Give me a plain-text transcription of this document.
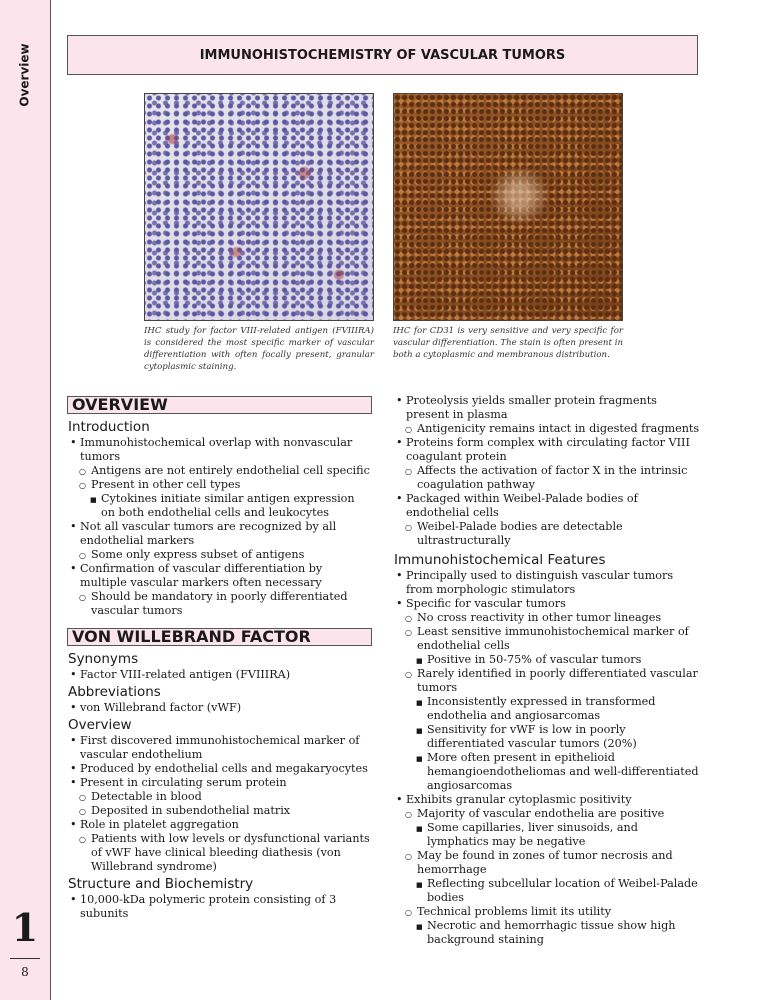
Overview
1
8
IMMUNOHISTOCHEMISTRY OF VASCULAR TUMORS
IHC study for factor VIII-related antigen (FVIIIRA) is considered the most specific marker of vascular differentiation with often focally present, granular cytoplasmic staining.
IHC for CD31 is very sensitive and very specific for vascular differentiation. The stain is often present in both a cytoplasmic and membranous distribution.
OVERVIEW
Introduction
• Immunohistochemical overlap with nonvascular tumors
○ Antigens are not entirely endothelial cell specific
○ Present in other cell types
■ Cytokines initiate similar antigen expression on both endothelial cells and leukocytes
• Not all vascular tumors are recognized by all endothelial markers
○ Some only express subset of antigens
• Confirmation of vascular differentiation by multiple vascular markers often necessary
○ Should be mandatory in poorly differentiated vascular tumors
VON WILLEBRAND FACTOR
Synonyms
• Factor VIII-related antigen (FVIIIRA)
Abbreviations
• von Willebrand factor (vWF)
Overview
• First discovered immunohistochemical marker of vascular endothelium
• Produced by endothelial cells and megakaryocytes
• Present in circulating serum protein
○ Detectable in blood
○ Deposited in subendothelial matrix
• Role in platelet aggregation
○ Patients with low levels or dysfunctional variants of vWF have clinical bleeding diathesis (von Willebrand syndrome)
Structure and Biochemistry
• 10,000-kDa polymeric protein consisting of 3 subunits
• Proteolysis yields smaller protein fragments present in plasma
○ Antigenicity remains intact in digested fragments
• Proteins form complex with circulating factor VIII coagulant protein
○ Affects the activation of factor X in the intrinsic coagulation pathway
• Packaged within Weibel-Palade bodies of endothelial cells
○ Weibel-Palade bodies are detectable ultrastructurally
Immunohistochemical Features
• Principally used to distinguish vascular tumors from morphologic stimulators
• Specific for vascular tumors
○ No cross reactivity in other tumor lineages
○ Least sensitive immunohistochemical marker of endothelial cells
■ Positive in 50-75% of vascular tumors
○ Rarely identified in poorly differentiated vascular tumors
■ Inconsistently expressed in transformed endothelia and angiosarcomas
■ Sensitivity for vWF is low in poorly differentiated vascular tumors (20%)
■ More often present in epithelioid hemangioendotheliomas and well-differentiated angiosarcomas
• Exhibits granular cytoplasmic positivity
○ Majority of vascular endothelia are positive
■ Some capillaries, liver sinusoids, and lymphatics may be negative
○ May be found in zones of tumor necrosis and hemorrhage
■ Reflecting subcellular location of Weibel-Palade bodies
○ Technical problems limit its utility
■ Necrotic and hemorrhagic tissue show high background staining
